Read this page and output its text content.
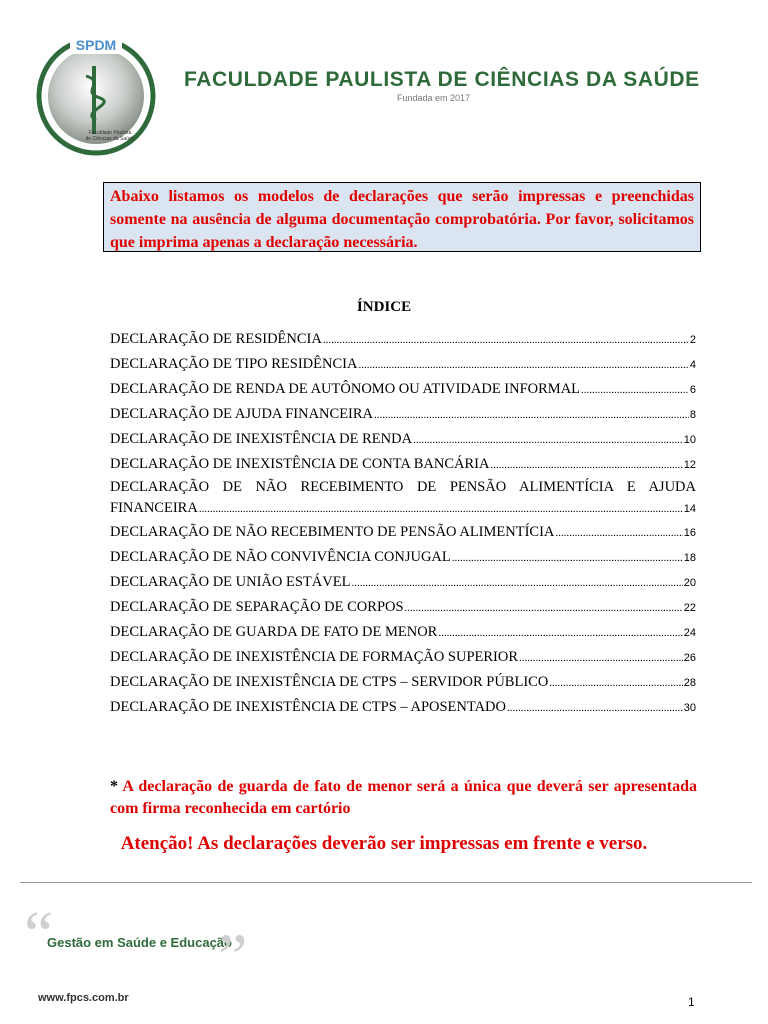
SPDM
Faculdade Paulista
de Ciências da Saúde
FACULDADE PAULISTA DE CIÊNCIAS DA SAÚDE
Fundada em 2017
Abaixo listamos os modelos de declarações que serão impressas e preenchidas somente na ausência de alguma documentação comprobatória. Por favor, solicitamos que imprima apenas a declaração necessária.
ÍNDICE
DECLARAÇÃO DE RESIDÊNCIA .....	2
DECLARAÇÃO DE TIPO RESIDÊNCIA .....	4
DECLARAÇÃO DE RENDA DE AUTÔNOMO OU ATIVIDADE INFORMAL .....	6
DECLARAÇÃO DE AJUDA FINANCEIRA .....	8
DECLARAÇÃO DE INEXISTÊNCIA DE RENDA .....	10
DECLARAÇÃO DE INEXISTÊNCIA DE CONTA BANCÁRIA .....	12
DECLARAÇÃO DE NÃO RECEBIMENTO DE PENSÃO ALIMENTÍCIA E AJUDA
FINANCEIRA .....	14
DECLARAÇÃO DE NÃO RECEBIMENTO DE PENSÃO ALIMENTÍCIA .....	16
DECLARAÇÃO DE NÃO CONVIVÊNCIA CONJUGAL .....	18
DECLARAÇÃO DE UNIÃO ESTÁVEL .....	20
DECLARAÇÃO DE SEPARAÇÃO DE CORPOS .....	22
DECLARAÇÃO DE GUARDA DE FATO DE MENOR .....	24
DECLARAÇÃO DE INEXISTÊNCIA DE FORMAÇÃO SUPERIOR .....	26
DECLARAÇÃO DE INEXISTÊNCIA DE CTPS – SERVIDOR PÚBLICO .....	28
DECLARAÇÃO DE INEXISTÊNCIA DE CTPS – APOSENTADO .....	30
* A declaração de guarda de fato de menor será a única que deverá ser apresentada com firma reconhecida em cartório
Atenção! As declarações deverão ser impressas em frente e verso.
“
Gestão em Saúde e Educação
”
www.fpcs.com.br	1
